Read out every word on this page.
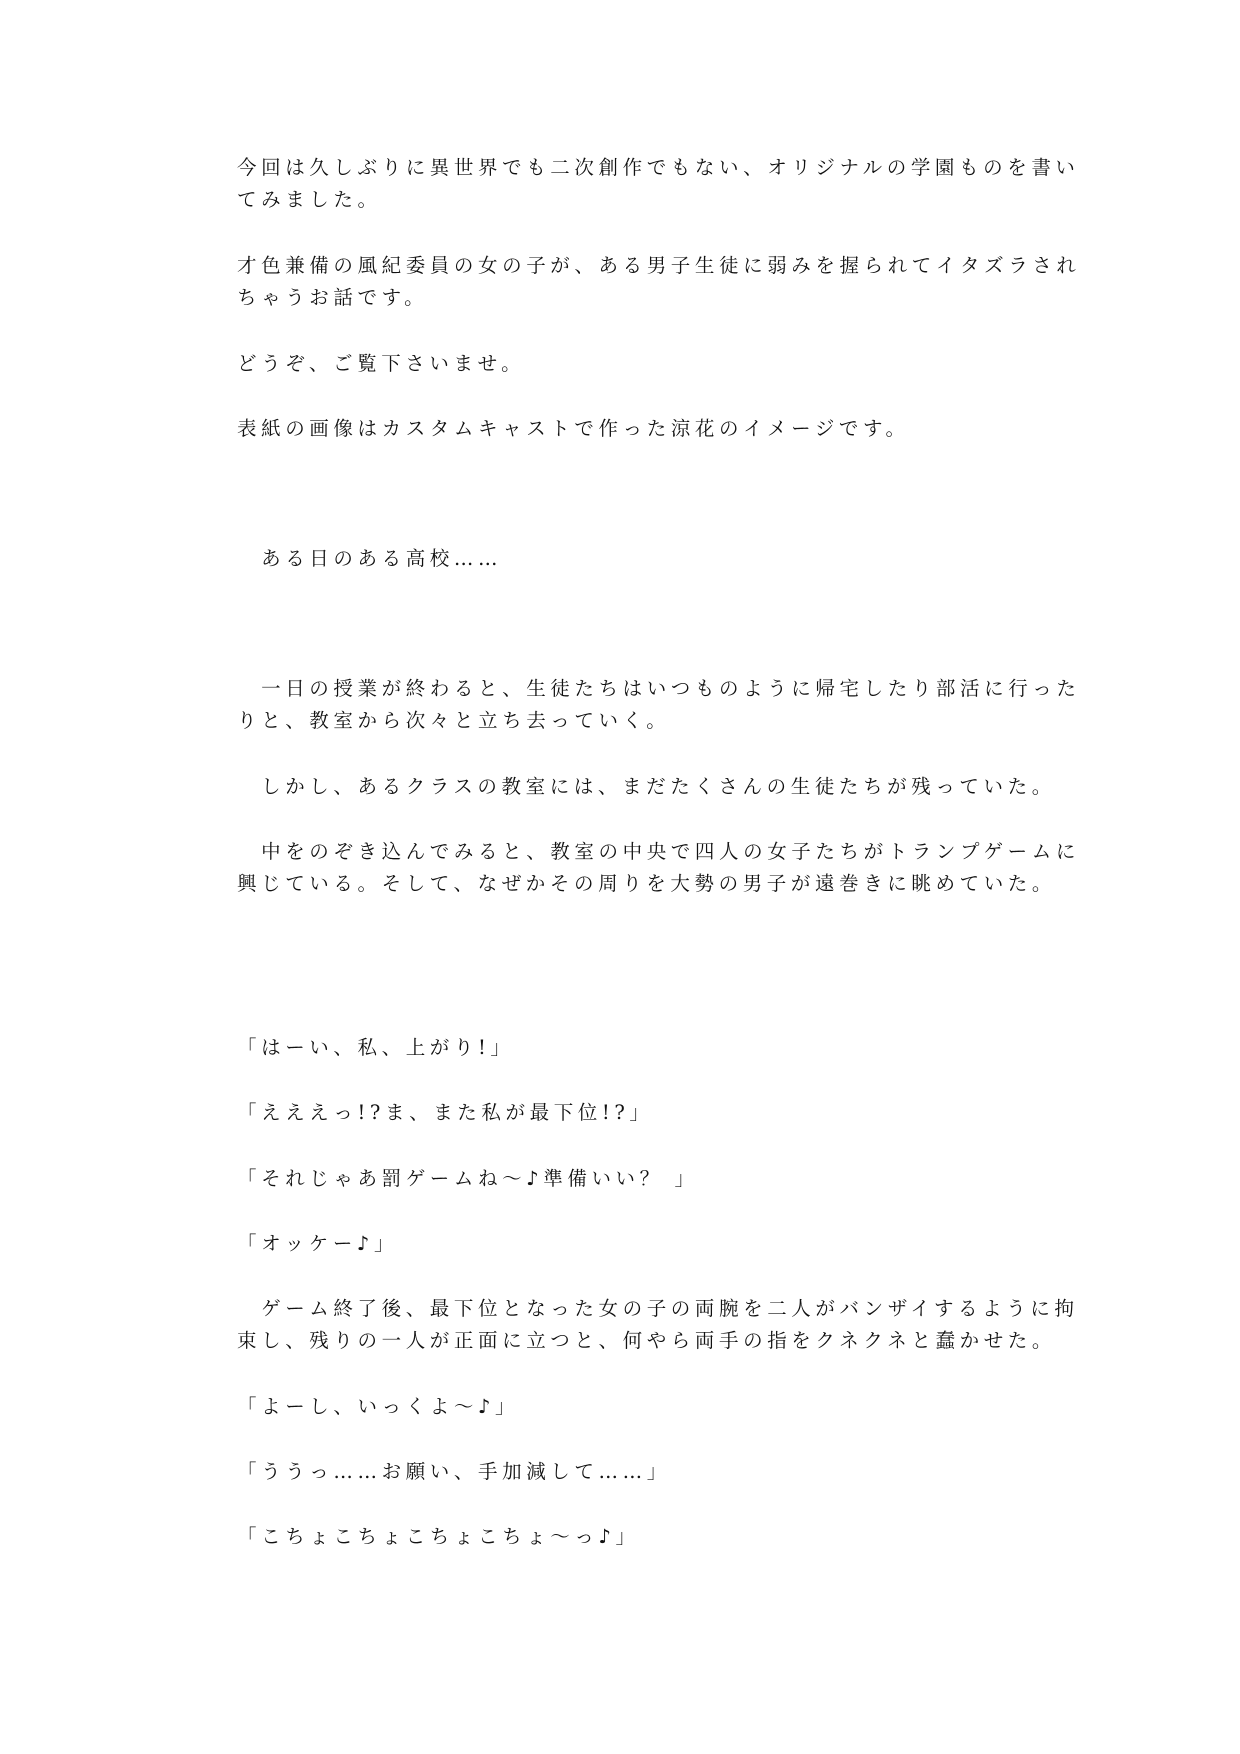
今回は久しぶりに異世界でも二次創作でもない、オリジナルの学園ものを書い

てみました。

才色兼備の風紀委員の女の子が、ある男子生徒に弱みを握られてイタズラされ

ちゃうお話です。

どうぞ、ご覧下さいませ。

表紙の画像はカスタムキャストで作った涼花のイメージです。

　ある日のある高校……

　一日の授業が終わると、生徒たちはいつものように帰宅したり部活に行った

りと、教室から次々と立ち去っていく。

　しかし、あるクラスの教室には、まだたくさんの生徒たちが残っていた。

　中をのぞき込んでみると、教室の中央で四人の女子たちがトランプゲームに

興じている。そして、なぜかその周りを大勢の男子が遠巻きに眺めていた。

「はーい、私、上がり!」

「えええっ!?ま、また私が最下位!?」

「それじゃあ罰ゲームね～♪準備いい？ 」

「オッケー♪」

　ゲーム終了後、最下位となった女の子の両腕を二人がバンザイするように拘

束し、残りの一人が正面に立つと、何やら両手の指をクネクネと蠢かせた。

「よーし、いっくよ～♪」

「ううっ……お願い、手加減して……」

「こちょこちょこちょこちょ～っ♪」
